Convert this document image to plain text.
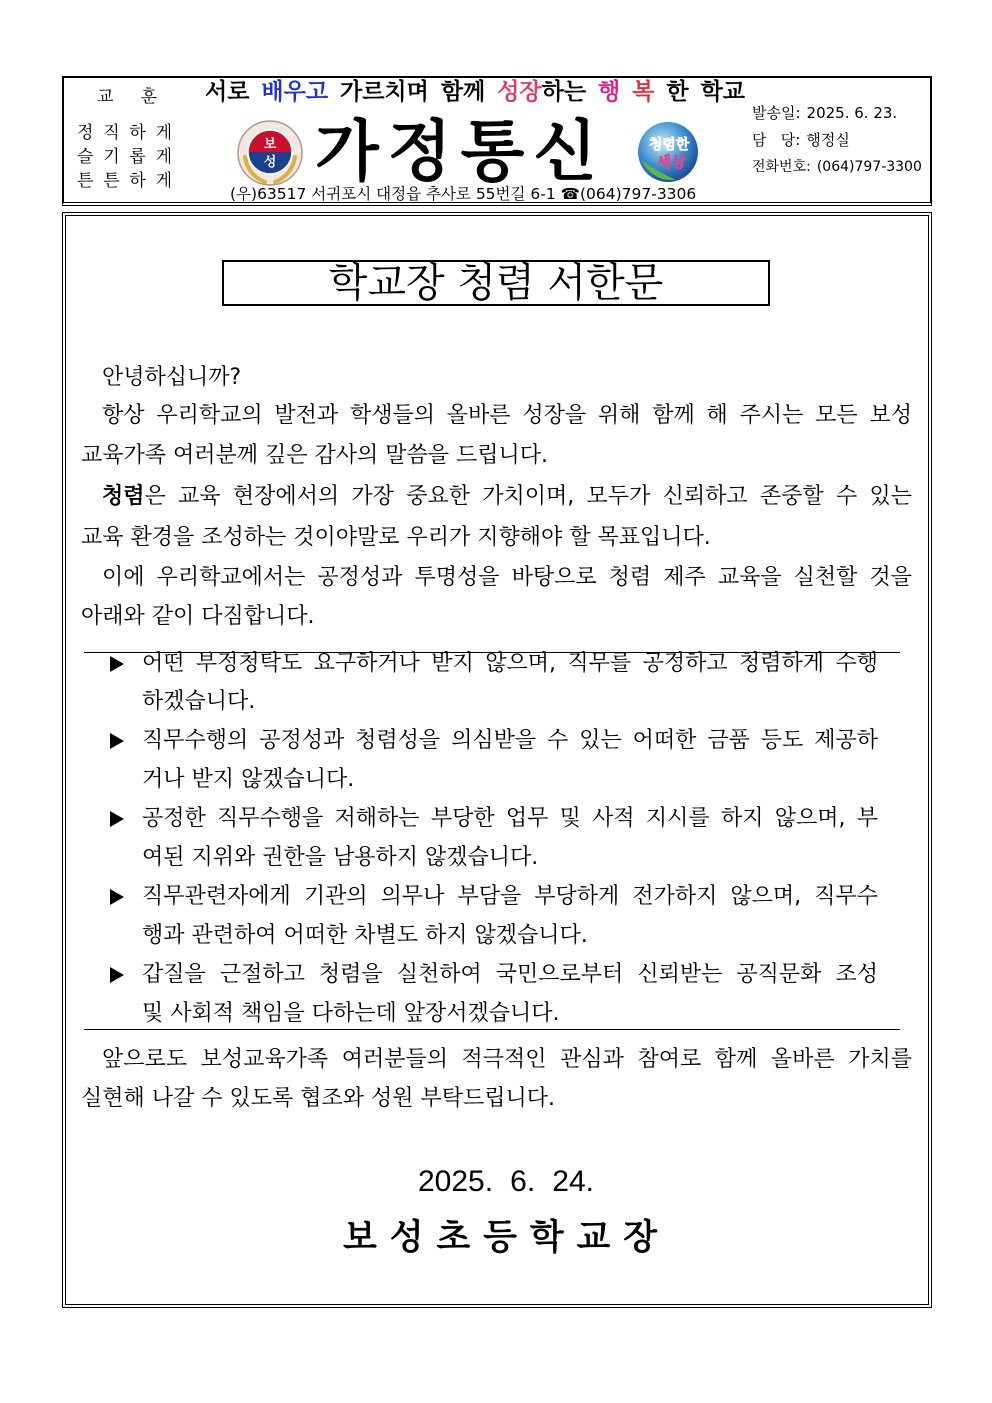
교 훈
정 직 하 게
슬 기 롭 게
튼 튼 하 게
서로 배우고 가르치며 함께 성장하는 행 복 한 학교
보
성 가정통신	청렴한
세상
발송일: 2025. 6. 23.
담   당: 행정실
전화번호: (064)797-3300
(우)63517 서귀포시 대정읍 추사로 55번길 6-1 ☎(064)797-3306
학교장 청렴 서한문
안녕하십니까?
항상 우리학교의 발전과 학생들의 올바른 성장을 위해 함께 해 주시는 모든 보성
교육가족 여러분께 깊은 감사의 말씀을 드립니다.
청렴은 교육 현장에서의 가장 중요한 가치이며, 모두가 신뢰하고 존중할 수 있는
교육 환경을 조성하는 것이야말로 우리가 지향해야 할 목표입니다.
이에 우리학교에서는 공정성과 투명성을 바탕으로 청렴 제주 교육을 실천할 것을
아래와 같이 다짐합니다.
어떤 부정청탁도 요구하거나 받지 않으며, 직무를 공정하고 청렴하게 수행
하겠습니다.
직무수행의 공정성과 청렴성을 의심받을 수 있는 어떠한 금품 등도 제공하
거나 받지 않겠습니다.
공정한 직무수행을 저해하는 부당한 업무 및 사적 지시를 하지 않으며, 부
여된 지위와 권한을 남용하지 않겠습니다.
직무관련자에게 기관의 의무나 부담을 부당하게 전가하지 않으며, 직무수
행과 관련하여 어떠한 차별도 하지 않겠습니다.
갑질을 근절하고 청렴을 실천하여 국민으로부터 신뢰받는 공직문화 조성
및 사회적 책임을 다하는데 앞장서겠습니다.
앞으로도 보성교육가족 여러분들의 적극적인 관심과 참여로 함께 올바른 가치를
실현해 나갈 수 있도록 협조와 성원 부탁드립니다.
2025. 6. 24.
보 성 초 등 학 교 장
